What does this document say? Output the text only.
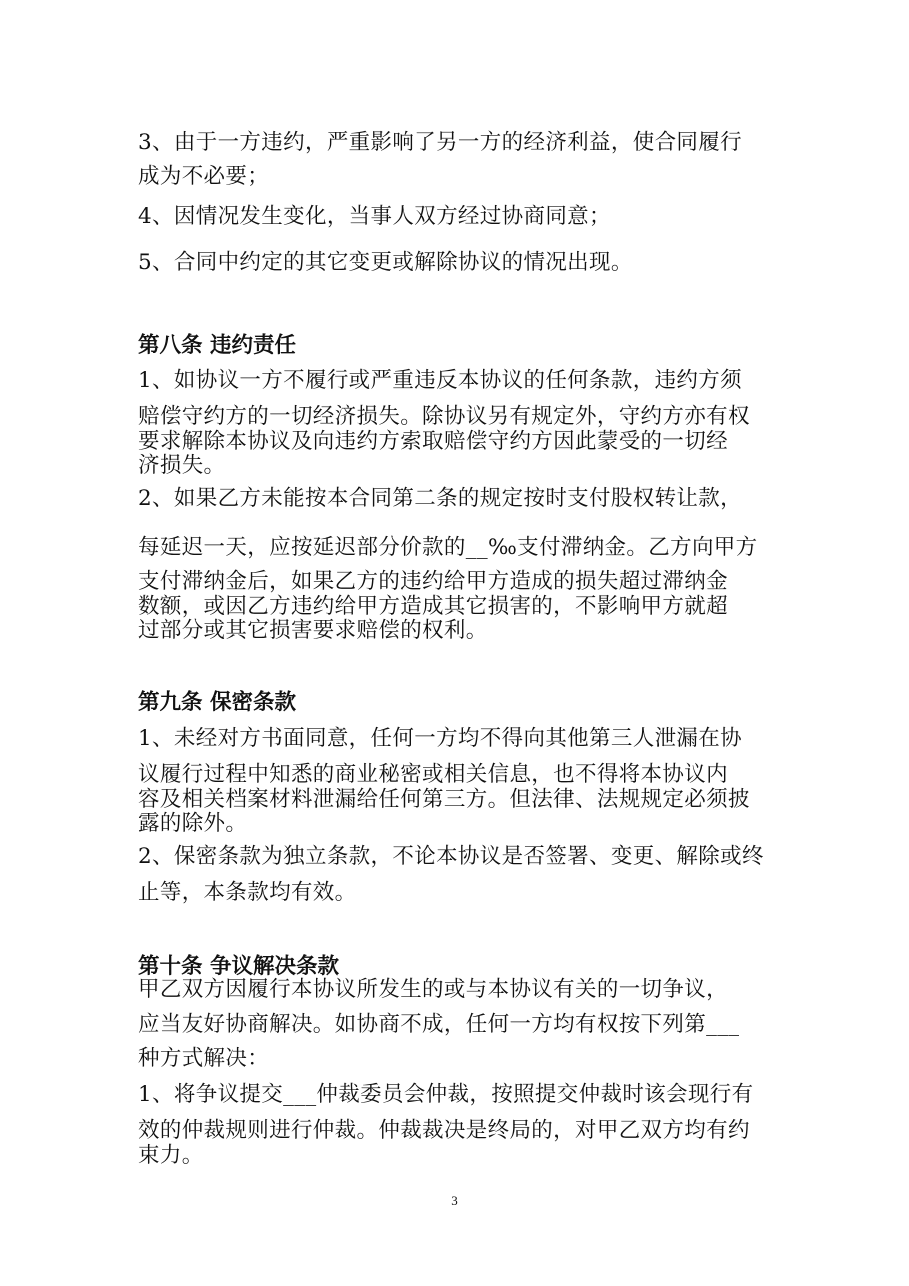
3、由于一方违约，严重影响了另一方的经济利益，使合同履行
成为不必要；
4、因情况发生变化，当事人双方经过协商同意；
5、合同中约定的其它变更或解除协议的情况出现。
第八条 违约责任
1、如协议一方不履行或严重违反本协议的任何条款，违约方须
赔偿守约方的一切经济损失。除协议另有规定外，守约方亦有权
要求解除本协议及向违约方索取赔偿守约方因此蒙受的一切经
济损失。
2、如果乙方未能按本合同第二条的规定按时支付股权转让款，
每延迟一天，应按延迟部分价款的__‰支付滞纳金。乙方向甲方
支付滞纳金后，如果乙方的违约给甲方造成的损失超过滞纳金
数额，或因乙方违约给甲方造成其它损害的，不影响甲方就超
过部分或其它损害要求赔偿的权利。
第九条 保密条款
1、未经对方书面同意，任何一方均不得向其他第三人泄漏在协
议履行过程中知悉的商业秘密或相关信息，也不得将本协议内
容及相关档案材料泄漏给任何第三方。但法律、法规规定必须披
露的除外。
2、保密条款为独立条款，不论本协议是否签署、变更、解除或终
止等，本条款均有效。
第十条 争议解决条款
甲乙双方因履行本协议所发生的或与本协议有关的一切争议，
应当友好协商解决。如协商不成，任何一方均有权按下列第___
种方式解决：
1、将争议提交___仲裁委员会仲裁，按照提交仲裁时该会现行有
效的仲裁规则进行仲裁。仲裁裁决是终局的，对甲乙双方均有约
束力。
3
